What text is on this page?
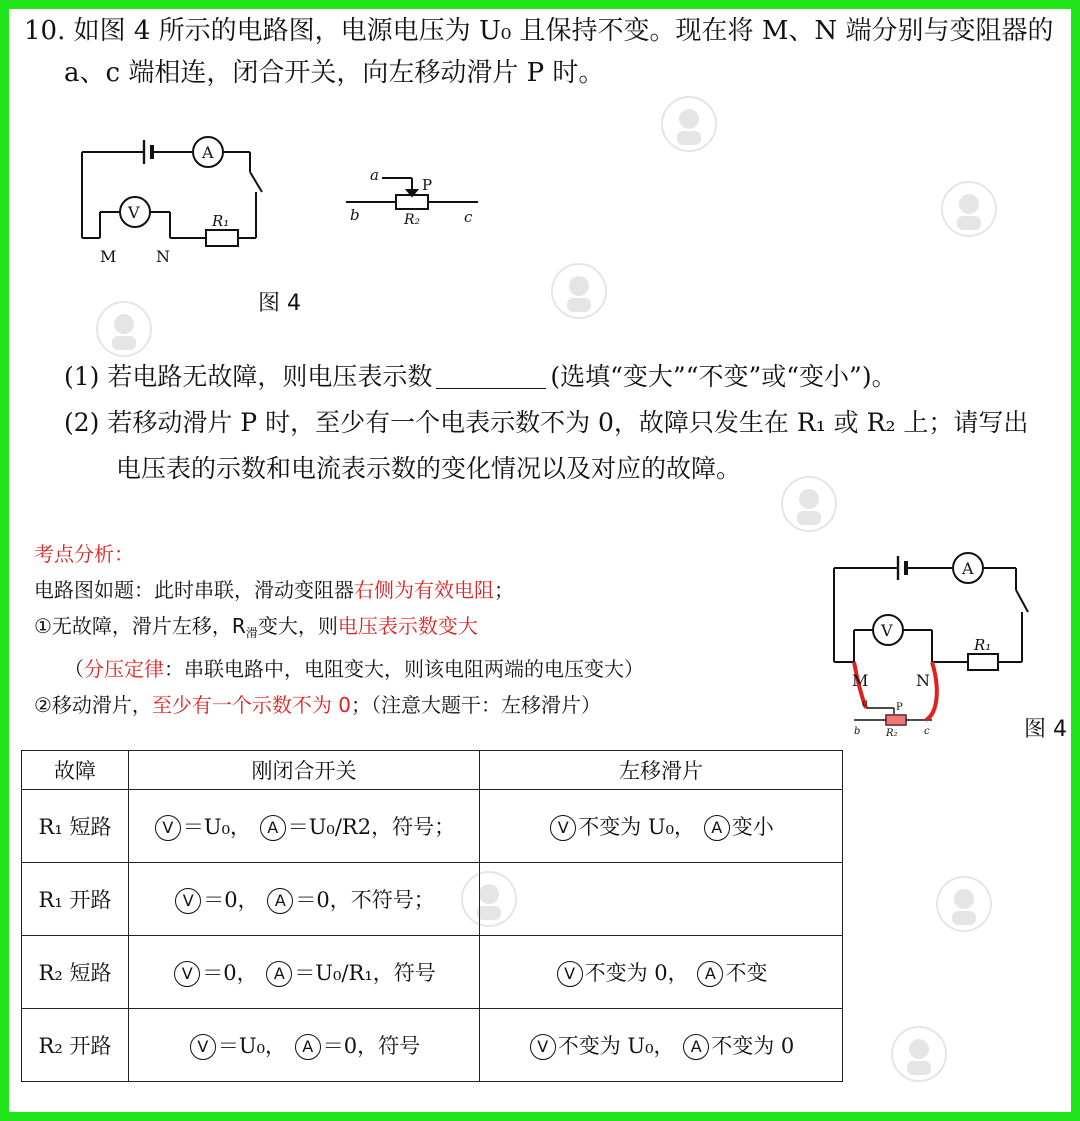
10. 如图 4 所示的电路图，电源电压为 U₀ 且保持不变。现在将 M、N 端分别与变阻器的
a、c 端相连，闭合开关，向左移动滑片 P 时。
A
V	R₁
M N
a
P
b	R₂	c
图 4
(1) 若电路无故障，则电压表示数	(选填“变大”“不变”或“变小”)。
(2) 若移动滑片 P 时，至少有一个电表示数不为 0，故障只发生在 R₁ 或 R₂ 上；请写出
电压表的示数和电流表示数的变化情况以及对应的故障。
考点分析：
电路图如题：此时串联，滑动变阻器右侧为有效电阻；
①无故障，滑片左移，$R_滑$变大，则电压表示数变大
（分压定律：串联电路中，电阻变大，则该电阻两端的电压变大）
②移动滑片，至少有一个示数不为 0；（注意大题干：左移滑片）
A
V
R₁
M	N
a	P
b	R₂	c	图 4
故障	刚闭合开关	左移滑片
R₁ 短路	V ＝U₀， A ＝U₀/R2，符号；	V 不变为 U₀， A 变小
R₁ 开路	V ＝0， A ＝0，不符号；	
R₂ 短路	V ＝0， A ＝U₀/R₁，符号	V 不变为 0， A 不变
R₂ 开路	V ＝U₀， A ＝0，符号	V 不变为 U₀， A 不变为 0
